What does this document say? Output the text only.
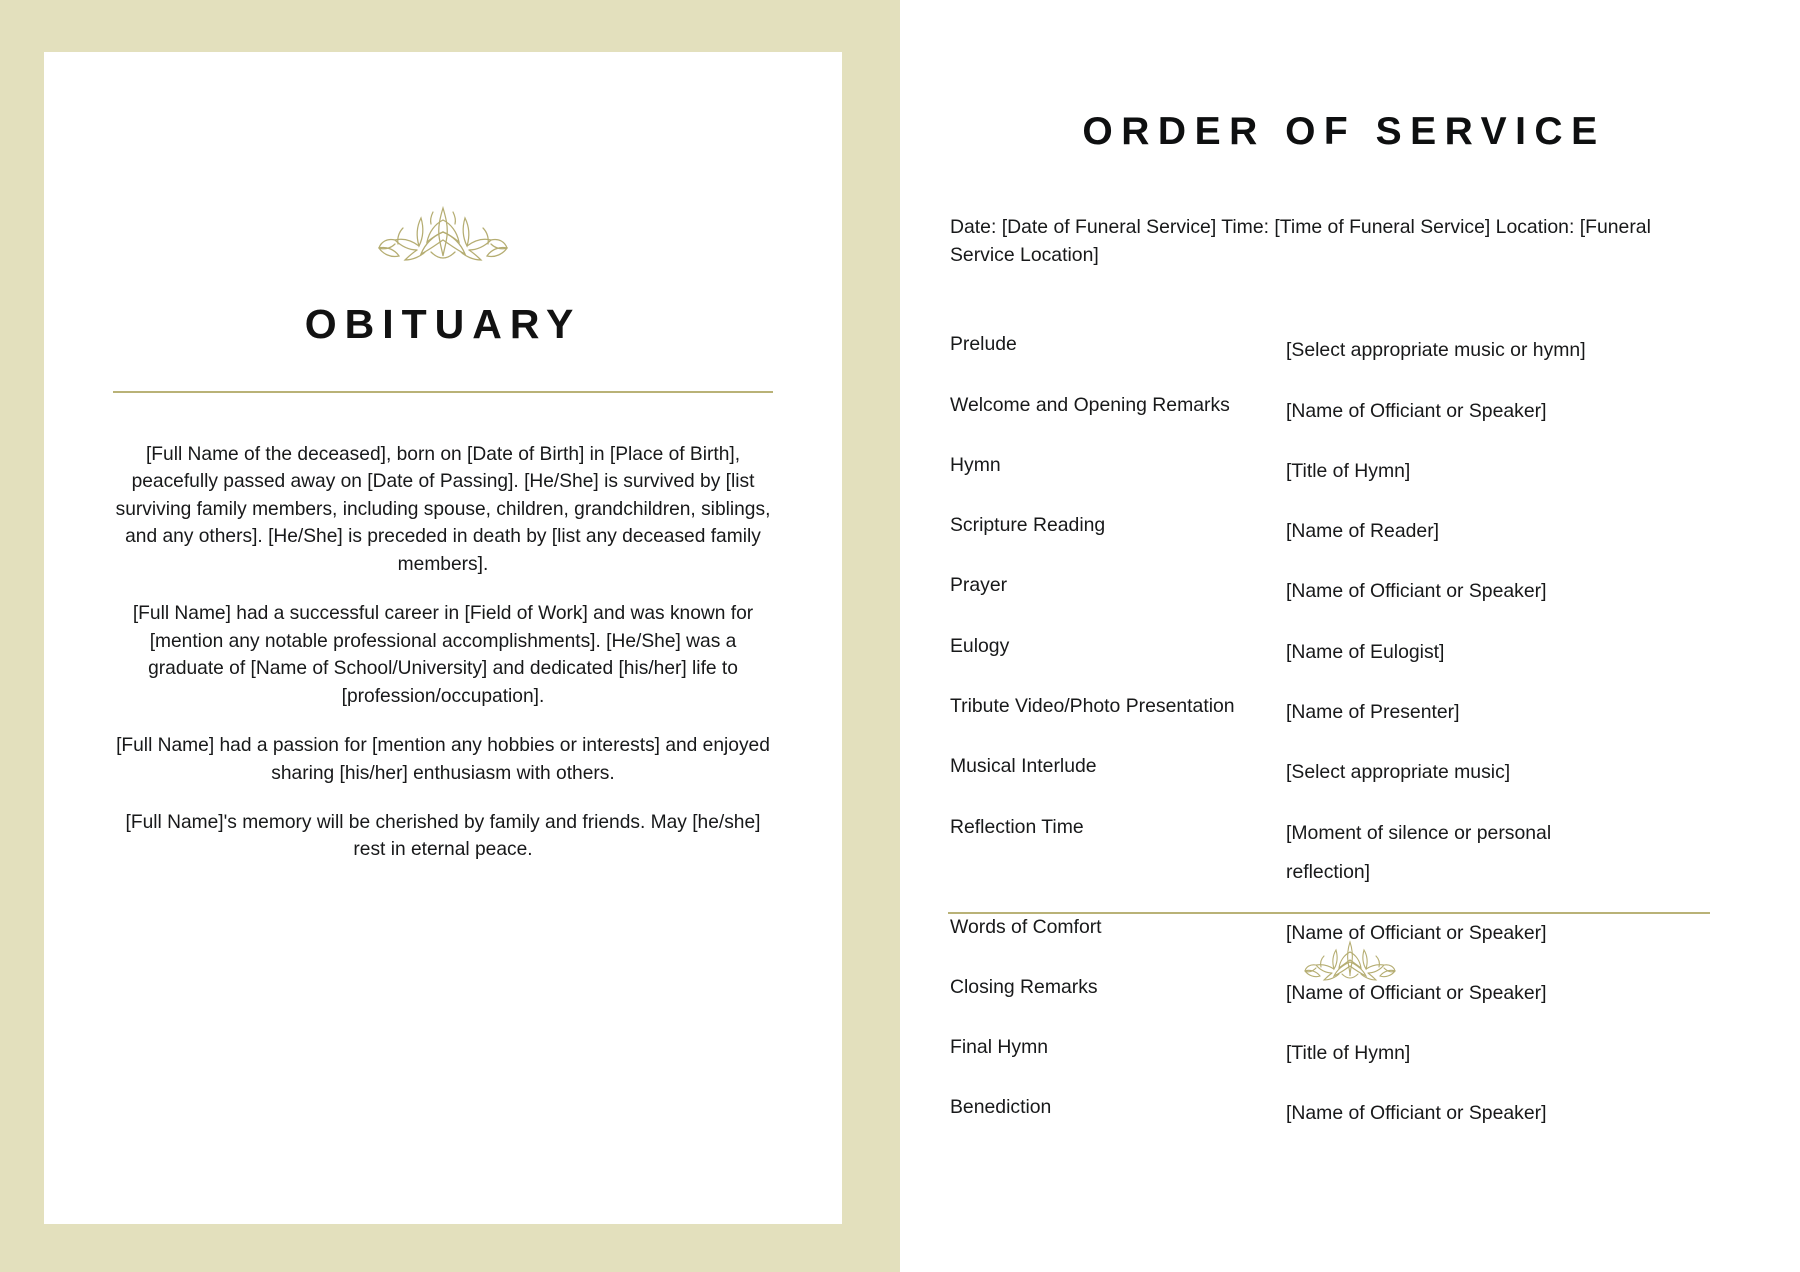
OBITUARY

[Full Name of the deceased], born on [Date of Birth] in [Place of Birth], peacefully passed away on [Date of Passing]. [He/She] is survived by [list surviving family members, including spouse, children, grandchildren, siblings, and any others]. [He/She] is preceded in death by [list any deceased family members].

[Full Name] had a successful career in [Field of Work] and was known for [mention any notable professional accomplishments]. [He/She] was a graduate of [Name of School/University] and dedicated [his/her] life to [profession/occupation].

[Full Name] had a passion for [mention any hobbies or interests] and enjoyed sharing [his/her] enthusiasm with others.

[Full Name]'s memory will be cherished by family and friends. May [he/she] rest in eternal peace.

ORDER OF SERVICE
Date: [Date of Funeral Service] Time: [Time of Funeral Service] Location: [Funeral Service Location]
Prelude	[Select appropriate music or hymn]
Welcome and Opening Remarks	[Name of Officiant or Speaker]
Hymn	[Title of Hymn]
Scripture Reading	[Name of Reader]
Prayer	[Name of Officiant or Speaker]
Eulogy	[Name of Eulogist]
Tribute Video/Photo Presentation	[Name of Presenter]
Musical Interlude	[Select appropriate music]
Reflection Time	[Moment of silence or personal reflection]
Words of Comfort	[Name of Officiant or Speaker]
Closing Remarks	[Name of Officiant or Speaker]
Final Hymn	[Title of Hymn]
Benediction	[Name of Officiant or Speaker]
